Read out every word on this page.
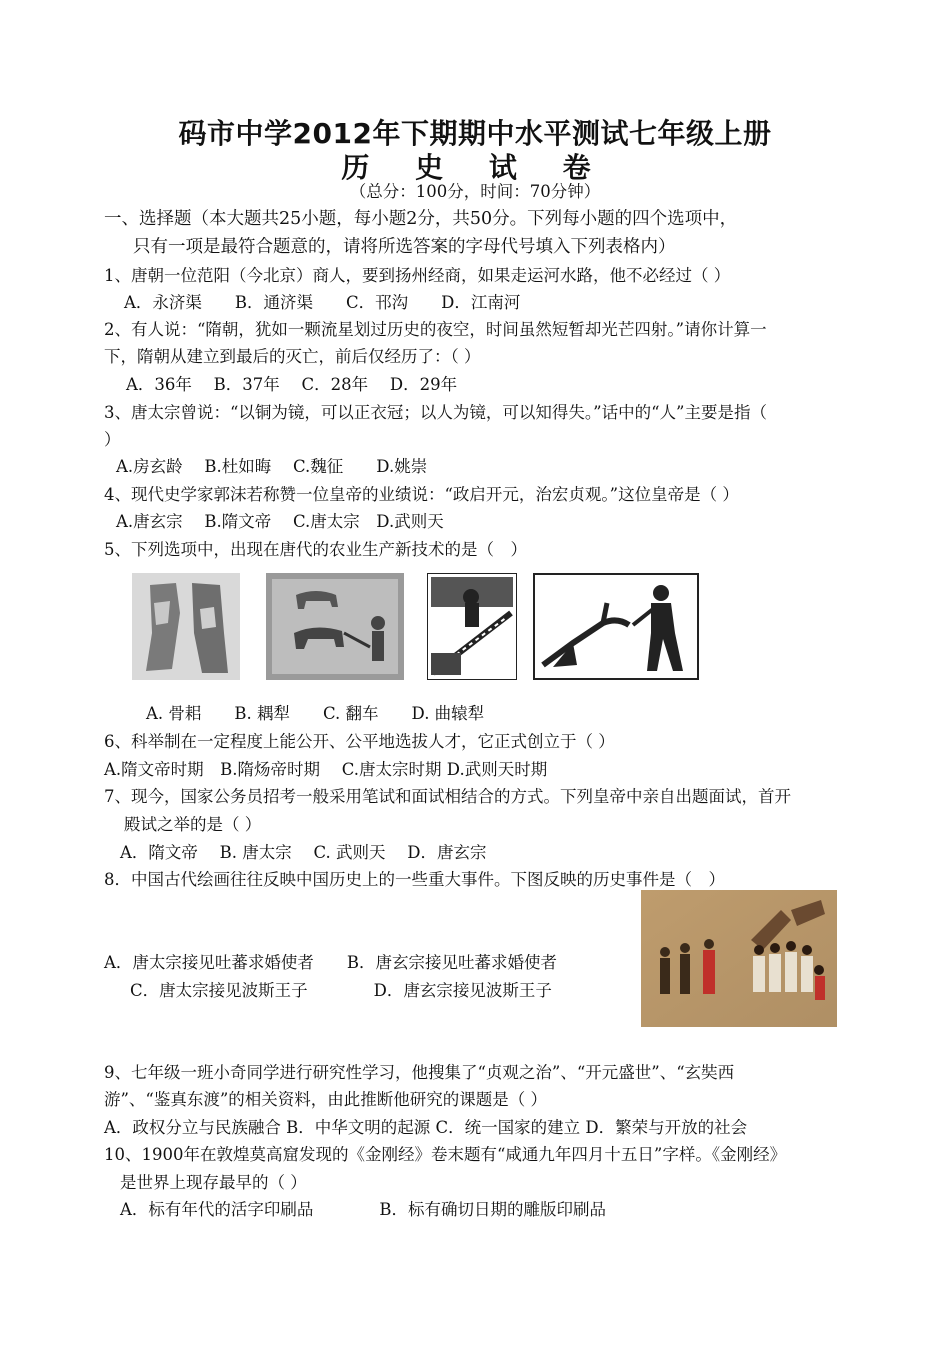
码市中学2012年下期期中水平测试七年级上册
历 史 试 卷
（总分：100分，时间：70分钟）
一、选择题（本大题共25小题，每小题2分，共50分。下列每小题的四个选项中，
只有一项是最符合题意的，请将所选答案的字母代号填入下列表格内）
1、唐朝一位范阳（今北京）商人，要到扬州经商，如果走运河水路，他不必经过（ ）
A．永济渠　　B．通济渠　　C．邗沟　　D．江南河
2、有人说：“隋朝，犹如一颗流星划过历史的夜空，时间虽然短暂却光芒四射。”请你计算一
下，隋朝从建立到最后的灭亡，前后仅经历了：（ ）
A．36年　 B．37年　 C．28年　 D．29年
3、唐太宗曾说：“以铜为镜，可以正衣冠；以人为镜，可以知得失。”话中的“人”主要是指（
）
A.房玄龄　 B.杜如晦　 C.魏征　　D.姚崇
4、现代史学家郭沫若称赞一位皇帝的业绩说：“政启开元，治宏贞观。”这位皇帝是（ ）
A.唐玄宗　 B.隋文帝　 C.唐太宗　D.武则天
5、下列选项中，出现在唐代的农业生产新技术的是（　）
A. 骨耜　　B. 耦犁　　C. 翻车　　D. 曲辕犁
6、科举制在一定程度上能公开、公平地选拔人才，它正式创立于（ ）
A.隋文帝时期　B.隋炀帝时期　 C.唐太宗时期 D.武则天时期
7、现今，国家公务员招考一般采用笔试和面试相结合的方式。下列皇帝中亲自出题面试，首开
殿试之举的是（ ）
A．隋文帝　 B. 唐太宗　 C. 武则天　 D．唐玄宗
8．中国古代绘画往往反映中国历史上的一些重大事件。下图反映的历史事件是（　）
A．唐太宗接见吐蕃求婚使者　　B．唐玄宗接见吐蕃求婚使者
C．唐太宗接见波斯王子　　　　D．唐玄宗接见波斯王子
9、七年级一班小奇同学进行研究性学习，他搜集了“贞观之治”、“开元盛世”、“玄奘西
游”、“鉴真东渡”的相关资料，由此推断他研究的课题是（ ）
A．政权分立与民族融合 B．中华文明的起源 C．统一国家的建立 D．繁荣与开放的社会
10、1900年在敦煌莫高窟发现的《金刚经》卷末题有“咸通九年四月十五日”字样。《金刚经》
是世界上现存最早的（ ）
A．标有年代的活字印刷品　　　　B．标有确切日期的雕版印刷品
